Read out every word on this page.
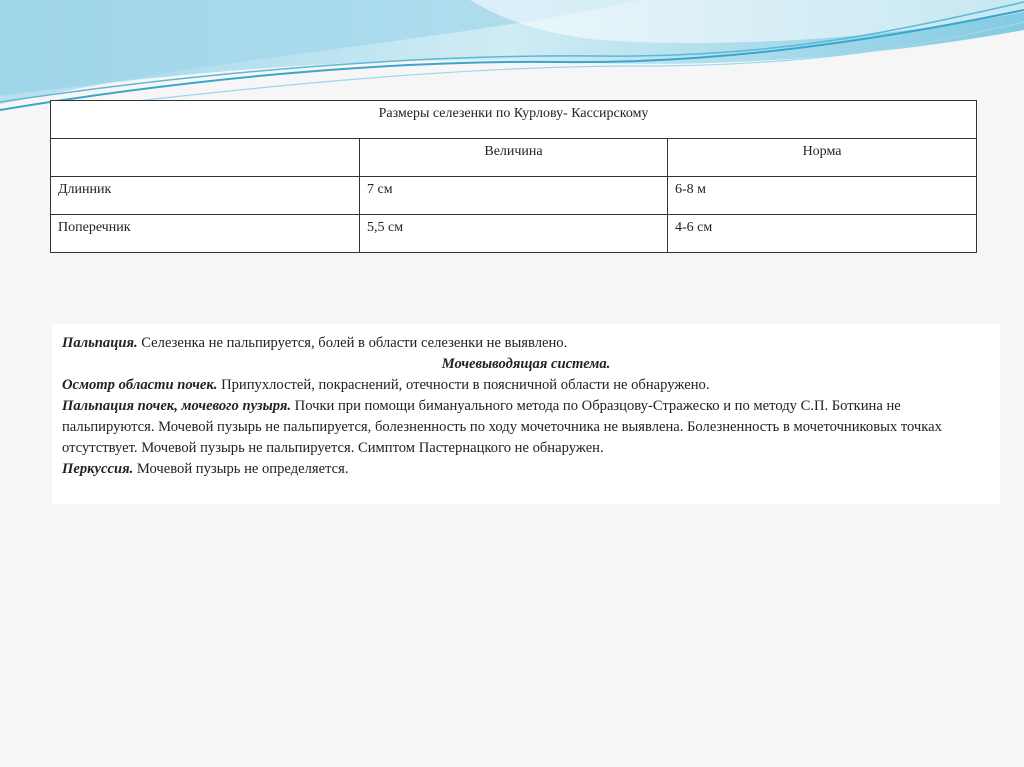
Размеры селезенки по Курлову- Кассирскому		
	Величина	Норма
Длинник	7 см	6-8 м
Поперечник	5,5 см	4-6 см

Пальпация. Селезенка не пальпируется, болей в области селезенки не выявлено.

Мочевыводящая система.

Осмотр области почек. Припухлостей, покраснений, отечности в поясничной области не обнаружено.

Пальпация почек, мочевого пузыря. Почки при помощи бимануального метода по Образцову-Стражеско и по методу С.П. Боткина не пальпируются. Мочевой пузырь не пальпируется, болезненность по ходу мочеточника не выявлена. Болезненность в мочеточниковых точках отсутствует. Мочевой пузырь не пальпируется. Симптом Пастернацкого не обнаружен.

Перкуссия. Мочевой пузырь не определяется.
